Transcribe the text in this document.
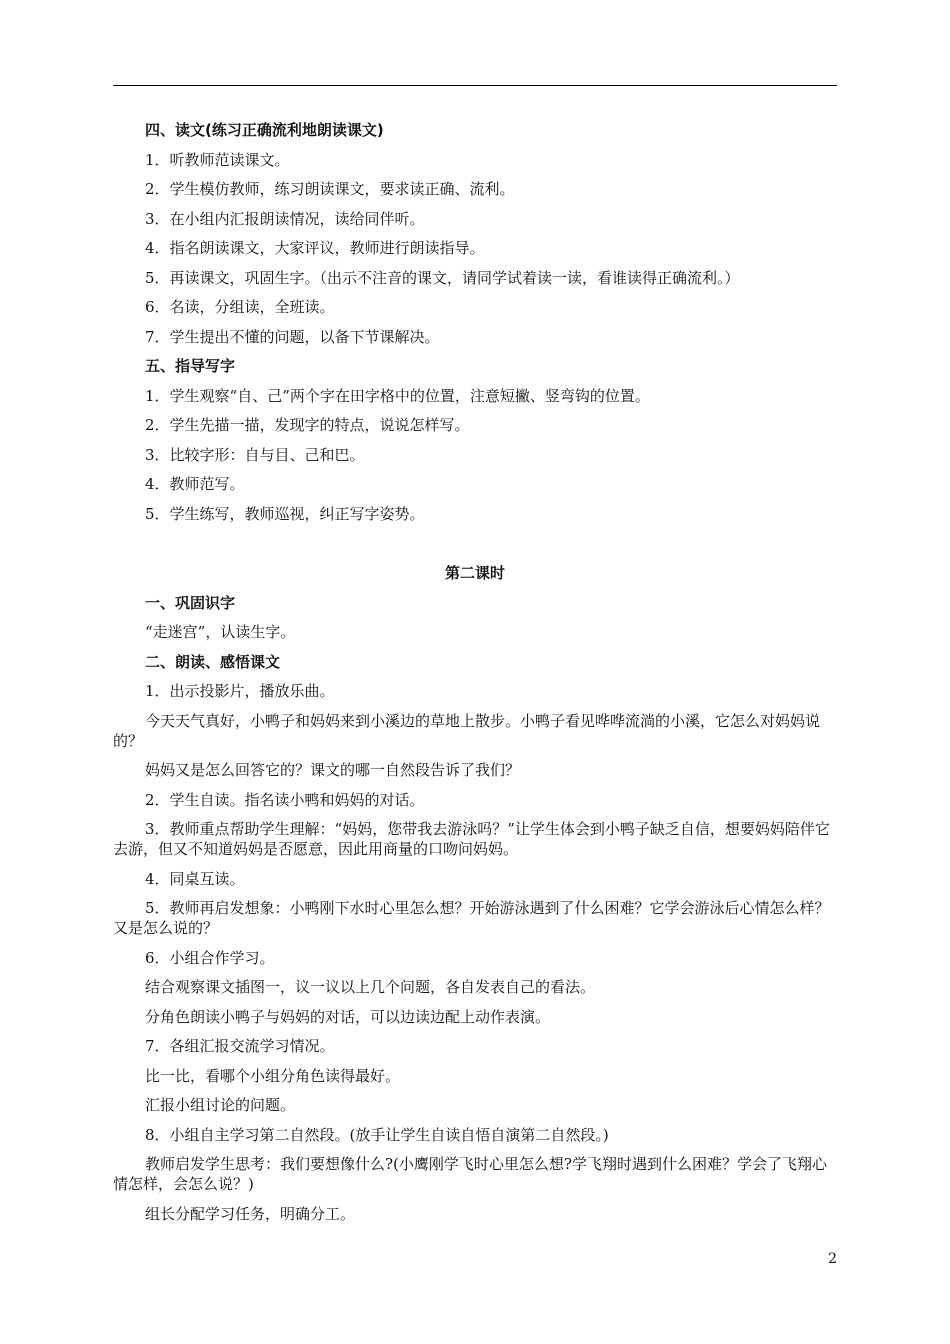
四、读文(练习正确流利地朗读课文)
1．听教师范读课文。
2．学生模仿教师，练习朗读课文，要求读正确、流利。
3．在小组内汇报朗读情况，读给同伴听。
4．指名朗读课文，大家评议，教师进行朗读指导。
5．再读课文，巩固生字。（出示不注音的课文，请同学试着读一读，看谁读得正确流利。）
6．名读，分组读，全班读。
7．学生提出不懂的问题，以备下节课解决。
五、指导写字
1．学生观察“自、己”两个字在田字格中的位置，注意短撇、竖弯钩的位置。
2．学生先描一描，发现字的特点，说说怎样写。
3．比较字形：自与目、己和巴。
4．教师范写。
5．学生练写，教师巡视，纠正写字姿势。
第二课时
一、巩固识字
“走迷宫”，认读生字。
二、朗读、感悟课文
1．出示投影片，播放乐曲。
今天天气真好，小鸭子和妈妈来到小溪边的草地上散步。小鸭子看见哗哗流淌的小溪，它怎么对妈妈说的？
妈妈又是怎么回答它的？课文的哪一自然段告诉了我们？
2．学生自读。指名读小鸭和妈妈的对话。
3．教师重点帮助学生理解：“妈妈，您带我去游泳吗？”让学生体会到小鸭子缺乏自信，想要妈妈陪伴它去游，但又不知道妈妈是否愿意，因此用商量的口吻问妈妈。
4．同桌互读。
5．教师再启发想象：小鸭刚下水时心里怎么想？开始游泳遇到了什么困难？它学会游泳后心情怎么样？又是怎么说的？
6．小组合作学习。
结合观察课文插图一，议一议以上几个问题，各自发表自己的看法。
分角色朗读小鸭子与妈妈的对话，可以边读边配上动作表演。
7．各组汇报交流学习情况。
比一比，看哪个小组分角色读得最好。
汇报小组讨论的问题。
8．小组自主学习第二自然段。(放手让学生自读自悟自演第二自然段。)
教师启发学生思考：我们要想像什么?(小鹰刚学飞时心里怎么想?学飞翔时遇到什么困难？学会了飞翔心情怎样，会怎么说？)
组长分配学习任务，明确分工。
2
